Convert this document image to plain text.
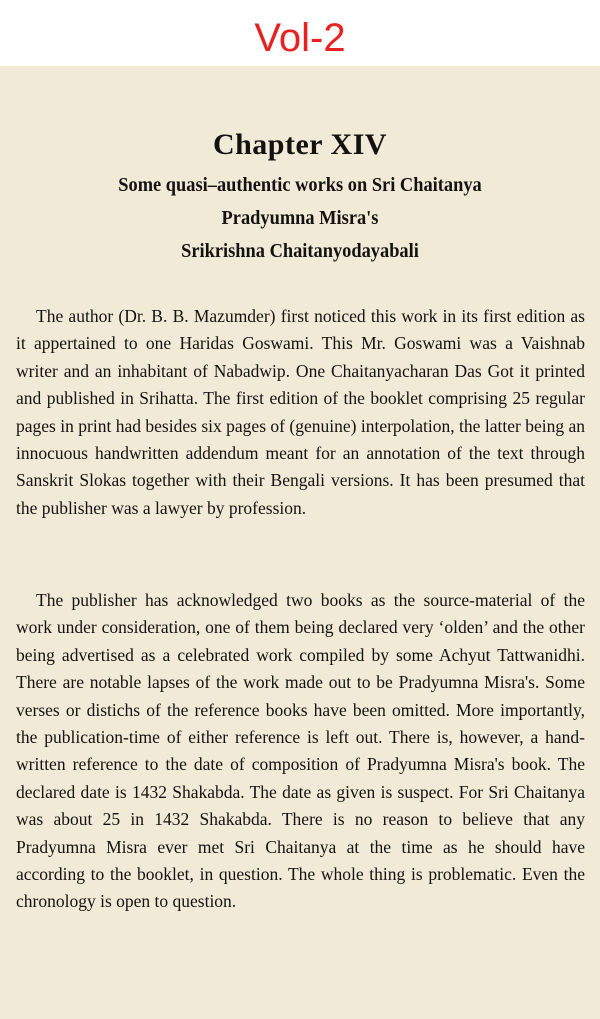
Vol-2
Chapter XIV
Some quasi–authentic works on Sri Chaitanya
Pradyumna Misra's
Srikrishna Chaitanyodayabali

The author (Dr. B. B. Mazumder) first noticed this work in its first edition as it appertained to one Haridas Goswami. This Mr. Goswami was a Vaishnab writer and an inhabitant of Nabadwip. One Chaitanyacharan Das Got it printed and published in Srihatta. The first edition of the booklet comprising 25 regular pages in print had besides six pages of (genuine) interpolation, the latter being an innocuous handwritten addendum meant for an annotation of the text through Sanskrit Slokas together with their Bengali versions. It has been presumed that the publisher was a lawyer by profession.

The publisher has acknowledged two books as the source-material of the work under consideration, one of them being declared very ‘olden’ and the other being advertised as a celebrated work compiled by some Achyut Tattwanidhi. There are notable lapses of the work made out to be Pradyumna Misra's. Some verses or distichs of the reference books have been omitted. More importantly, the publication-time of either reference is left out. There is, however, a hand-written reference to the date of composition of Pradyumna Misra's book. The declared date is 1432 Shakabda. The date as given is suspect. For Sri Chaitanya was about 25 in 1432 Shakabda. There is no reason to believe that any Pradyumna Misra ever met Sri Chaitanya at the time as he should have according to the booklet, in question. The whole thing is problematic. Even the chronology is open to question.
